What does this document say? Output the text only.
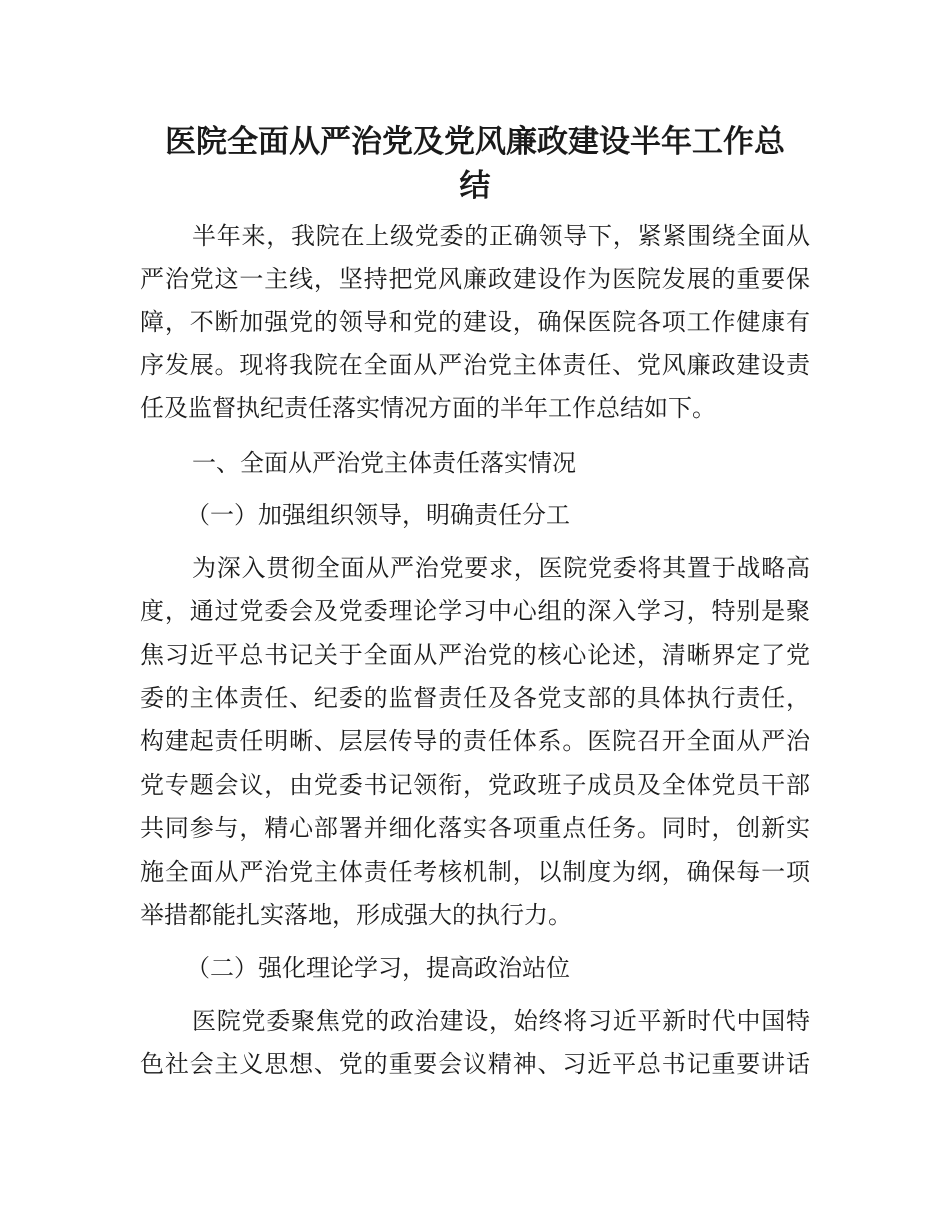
医院全面从严治党及党风廉政建设半年工作总
结
半年来，我院在上级党委的正确领导下，紧紧围绕全面从
严治党这一主线，坚持把党风廉政建设作为医院发展的重要保
障，不断加强党的领导和党的建设，确保医院各项工作健康有
序发展。现将我院在全面从严治党主体责任、党风廉政建设责
任及监督执纪责任落实情况方面的半年工作总结如下。
一、全面从严治党主体责任落实情况
（一）加强组织领导，明确责任分工
为深入贯彻全面从严治党要求，医院党委将其置于战略高
度，通过党委会及党委理论学习中心组的深入学习，特别是聚
焦习近平总书记关于全面从严治党的核心论述，清晰界定了党
委的主体责任、纪委的监督责任及各党支部的具体执行责任，
构建起责任明晰、层层传导的责任体系。医院召开全面从严治
党专题会议，由党委书记领衔，党政班子成员及全体党员干部
共同参与，精心部署并细化落实各项重点任务。同时，创新实
施全面从严治党主体责任考核机制，以制度为纲，确保每一项
举措都能扎实落地，形成强大的执行力。
（二）强化理论学习，提高政治站位
医院党委聚焦党的政治建设，始终将习近平新时代中国特
色社会主义思想、党的重要会议精神、习近平总书记重要讲话
